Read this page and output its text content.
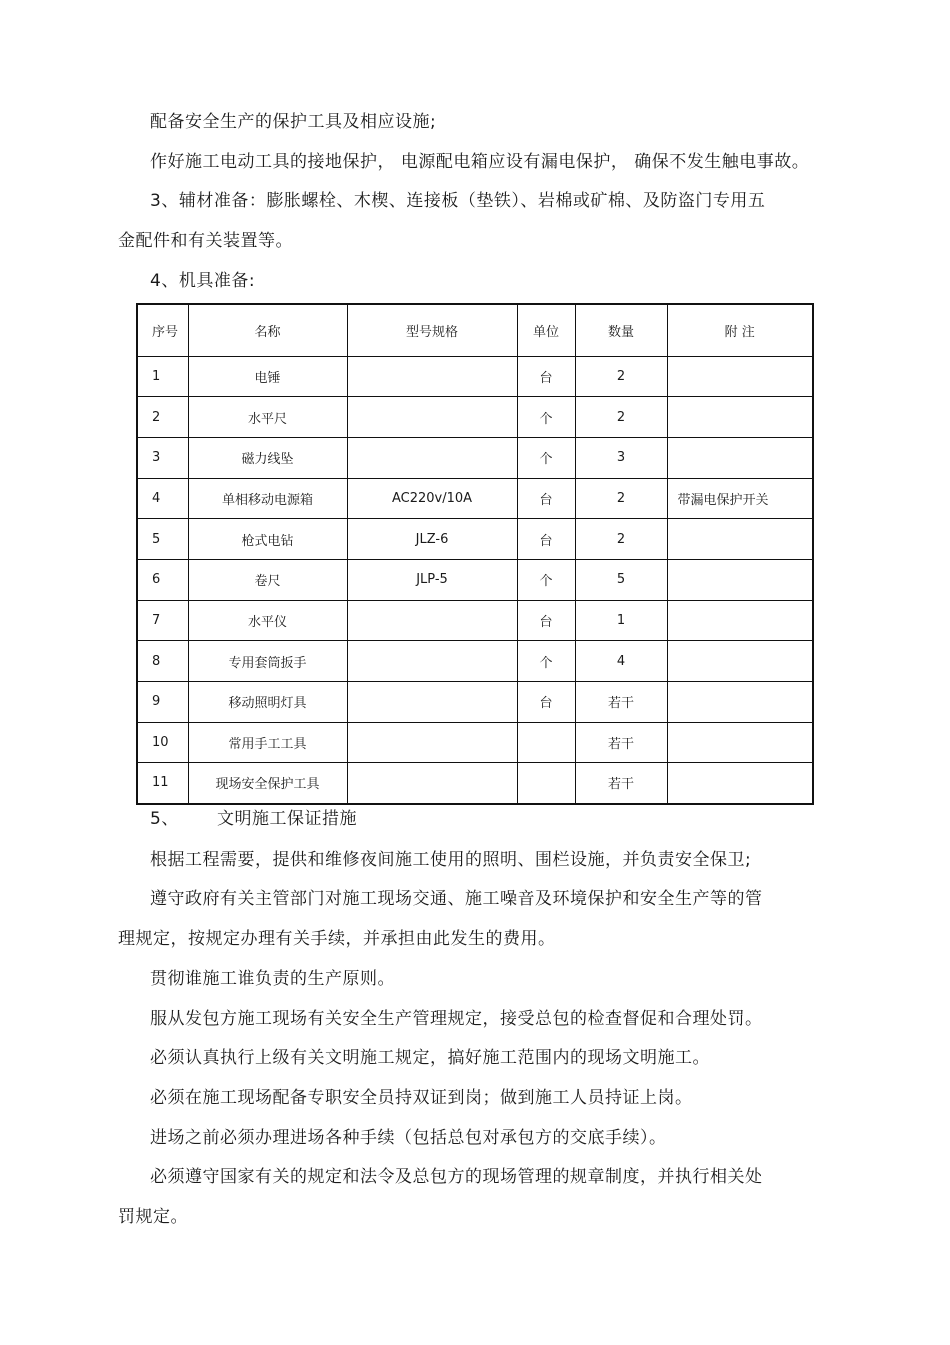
配备安全生产的保护工具及相应设施;
作好施工电动工具的接地保护， 电源配电箱应设有漏电保护， 确保不发生触电事故。
3、辅材准备：膨胀螺栓、木楔、连接板（垫铁）、岩棉或矿棉、及防盗门专用五
金配件和有关装置等。
4、机具准备:
序号	名称	型号规格	单位	数量	附 注
1	电锤		台	2	
2	水平尺		个	2	
3	磁力线坠		个	3	
4	单相移动电源箱	AC220v/10A	台	2	带漏电保护开关
5	枪式电钻	JLZ-6	台	2	
6	卷尺	JLP-5	个	5	
7	水平仪		台	1	
8	专用套筒扳手		个	4	
9	移动照明灯具		台	若干	
10	常用手工工具			若干	
11	现场安全保护工具			若干	
5、 文明施工保证措施
根据工程需要，提供和维修夜间施工使用的照明、围栏设施，并负责安全保卫;
遵守政府有关主管部门对施工现场交通、施工噪音及环境保护和安全生产等的管
理规定，按规定办理有关手续，并承担由此发生的费用。
贯彻谁施工谁负责的生产原则。
服从发包方施工现场有关安全生产管理规定，接受总包的检查督促和合理处罚。
必须认真执行上级有关文明施工规定，搞好施工范围内的现场文明施工。
必须在施工现场配备专职安全员持双证到岗；做到施工人员持证上岗。
进场之前必须办理进场各种手续（包括总包对承包方的交底手续）。
必须遵守国家有关的规定和法令及总包方的现场管理的规章制度，并执行相关处
罚规定。
